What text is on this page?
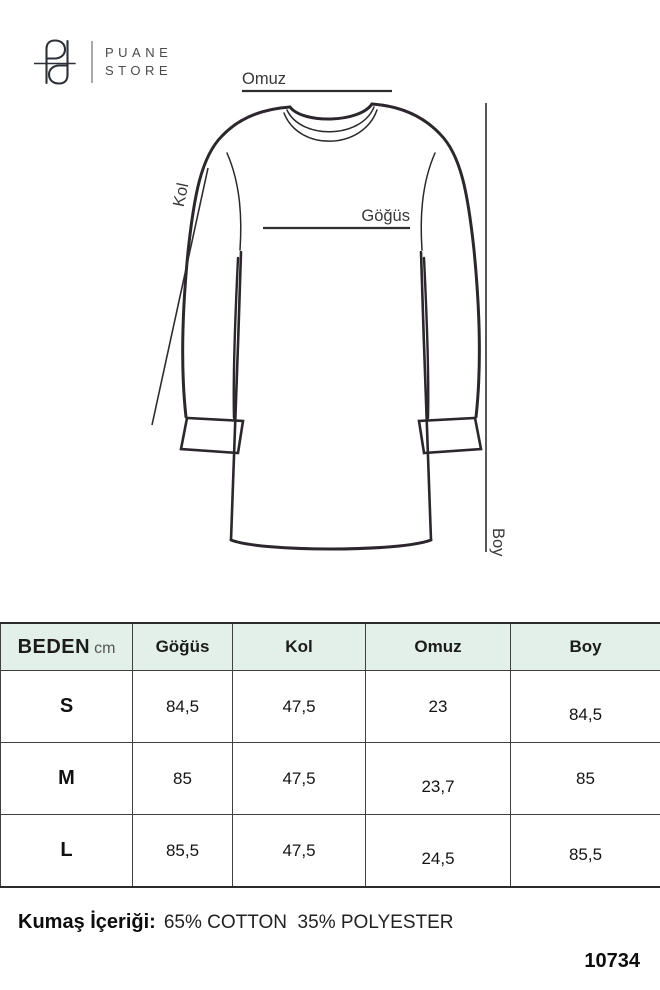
PUANE
STORE	Omuz
Göğüs
Kol
Boy
BEDEN cm	Göğüs	Kol	Omuz	Boy
S	84,5	47,5	23	84,5
M	85	47,5	23,7	85
L	85,5	47,5	24,5	85,5
Kumaş İçeriği: 65% COTTON  35% POLYESTER
10734
